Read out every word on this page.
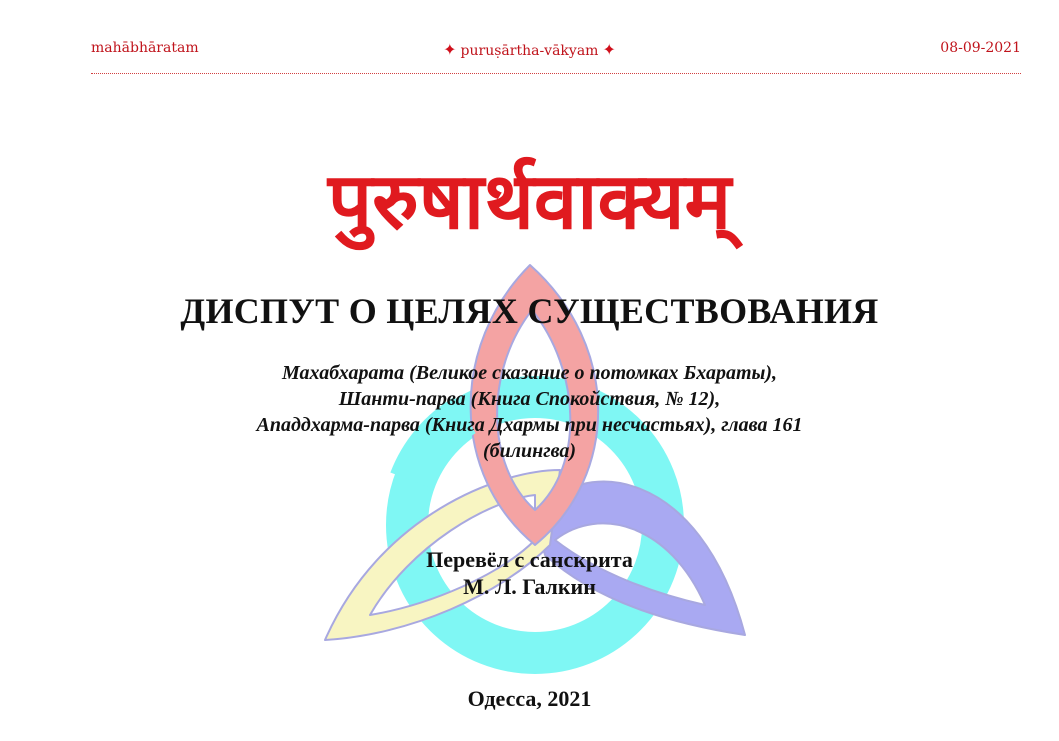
mahābhāratam	✦ puruṣārtha-vākyam ✦	08-09-2021
पुरुषार्थवाक्यम्
ДИСПУТ О ЦЕЛЯХ СУЩЕСТВОВАНИЯ
Махабхарата (Великое сказание о потомках Бхараты),
Шанти-парва (Книга Спокойствия, № 12),
Ападдхарма-парва (Книга Дхармы при несчастьях), глава 161
(билингва)
Перевёл с санскрита
М. Л. Галкин
Одесса, 2021
